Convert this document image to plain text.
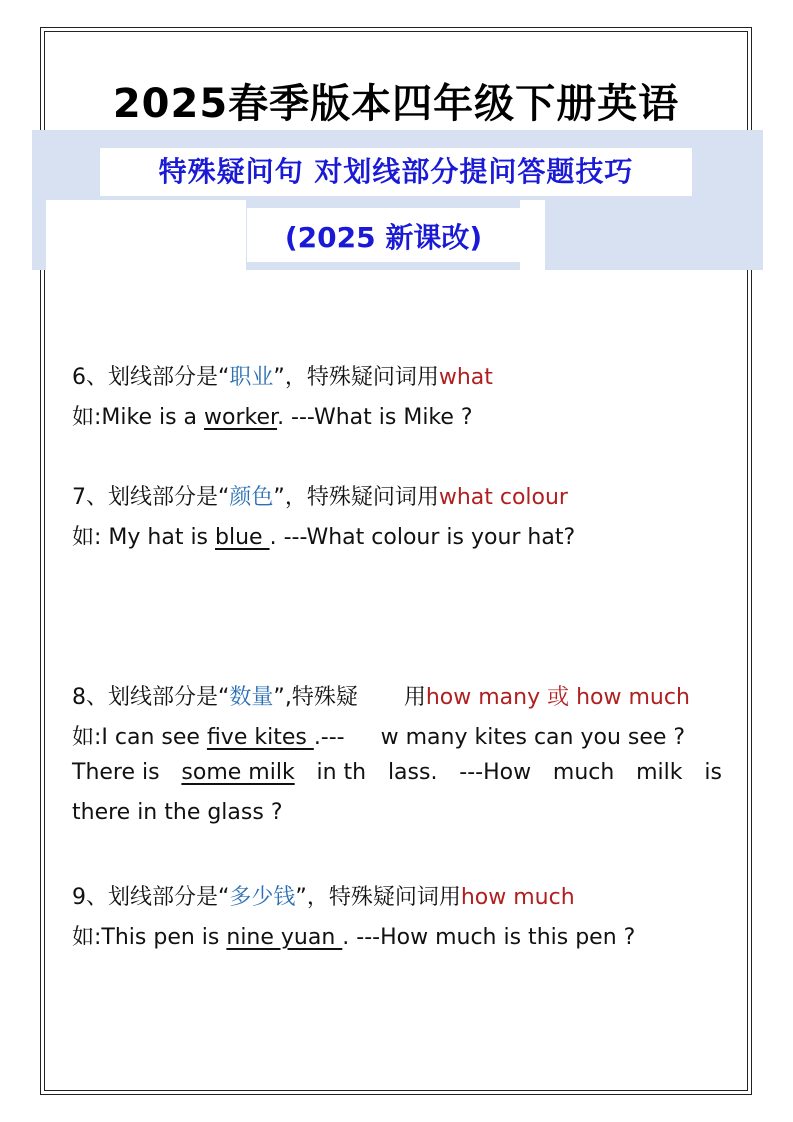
2025春季版本四年级下册英语
特殊疑问句 对划线部分提问答题技巧
(2025 新课改)
6、划线部分是“职业”，特殊疑问词用what
如:Mike is a worker. ---What is Mike ?
7、划线部分是“颜色”，特殊疑问词用what colour
如: My hat is blue . ---What colour is your hat?
8、划线部分是“数量”,特殊疑 用how many 或 how much
如:I can see five kites .--- w many kites can you see ?
There is some milk in th lass. ---How much milk is
there in the glass ?
9、划线部分是“多少钱”，特殊疑问词用how much
如:This pen is nine yuan . ---How much is this pen ?
